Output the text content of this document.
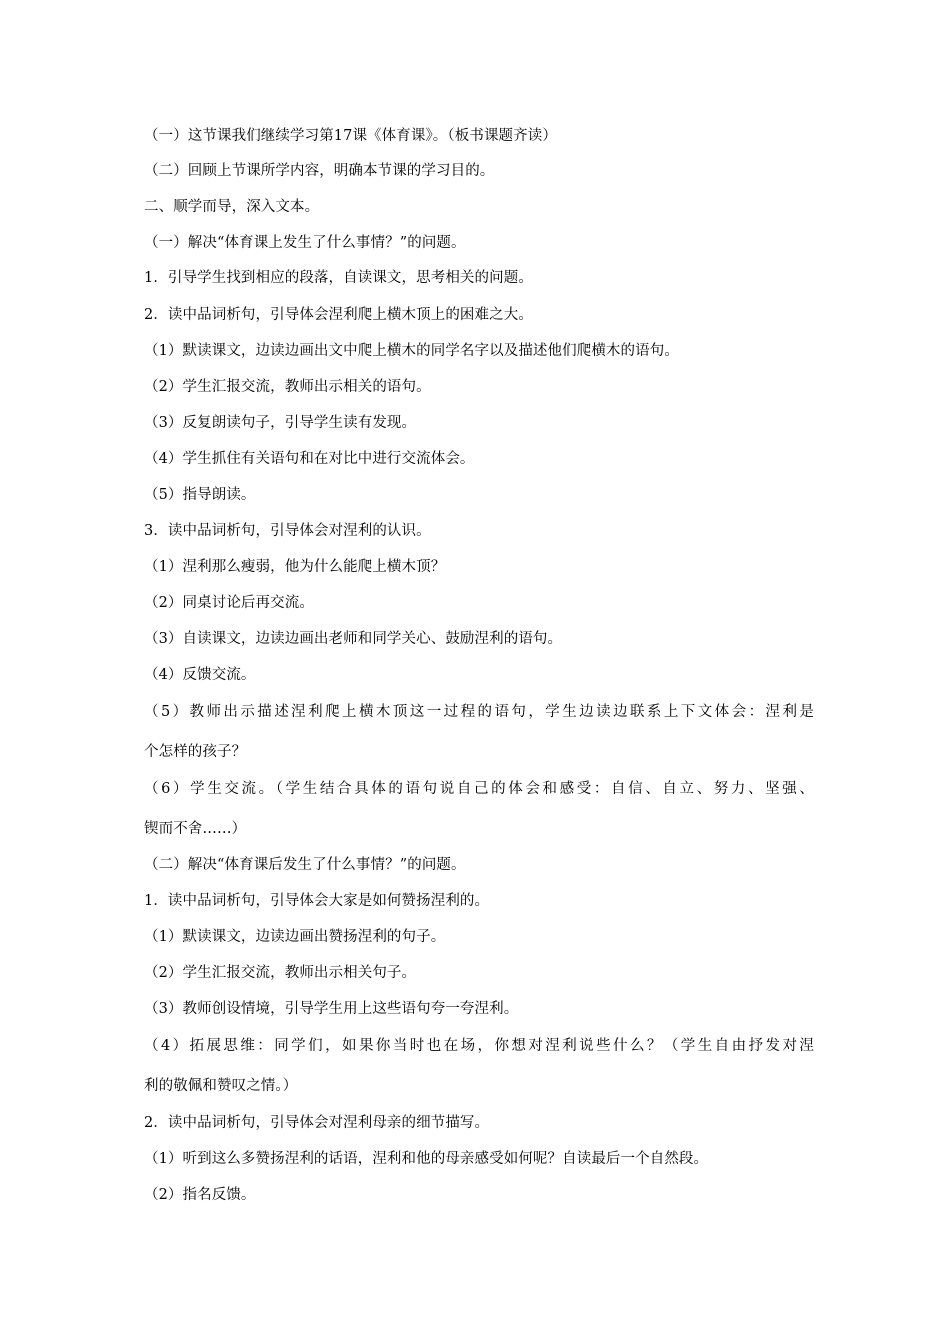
（一）这节课我们继续学习第17课《体育课》。（板书课题齐读）
（二）回顾上节课所学内容，明确本节课的学习目的。
二、顺学而导，深入文本。
（一）解决“体育课上发生了什么事情？”的问题。
1．引导学生找到相应的段落，自读课文，思考相关的问题。
2．读中品词析句，引导体会涅利爬上横木顶上的困难之大。
（1）默读课文，边读边画出文中爬上横木的同学名字以及描述他们爬横木的语句。
（2）学生汇报交流，教师出示相关的语句。
（3）反复朗读句子，引导学生读有发现。
（4）学生抓住有关语句和在对比中进行交流体会。
（5）指导朗读。
3．读中品词析句，引导体会对涅利的认识。
（1）涅利那么瘦弱，他为什么能爬上横木顶？
（2）同桌讨论后再交流。
（3）自读课文，边读边画出老师和同学关心、鼓励涅利的语句。
（4）反馈交流。
（5）教师出示描述涅利爬上横木顶这一过程的语句，学生边读边联系上下文体会：涅利是
个怎样的孩子？
（6）学生交流。（学生结合具体的语句说自己的体会和感受：自信、自立、努力、坚强、
锲而不舍……）
（二）解决“体育课后发生了什么事情？”的问题。
1．读中品词析句，引导体会大家是如何赞扬涅利的。
（1）默读课文，边读边画出赞扬涅利的句子。
（2）学生汇报交流，教师出示相关句子。
（3）教师创设情境，引导学生用上这些语句夸一夸涅利。
（4）拓展思维：同学们，如果你当时也在场，你想对涅利说些什么？（学生自由抒发对涅
利的敬佩和赞叹之情。）
2．读中品词析句，引导体会对涅利母亲的细节描写。
（1）听到这么多赞扬涅利的话语，涅利和他的母亲感受如何呢？自读最后一个自然段。
（2）指名反馈。
